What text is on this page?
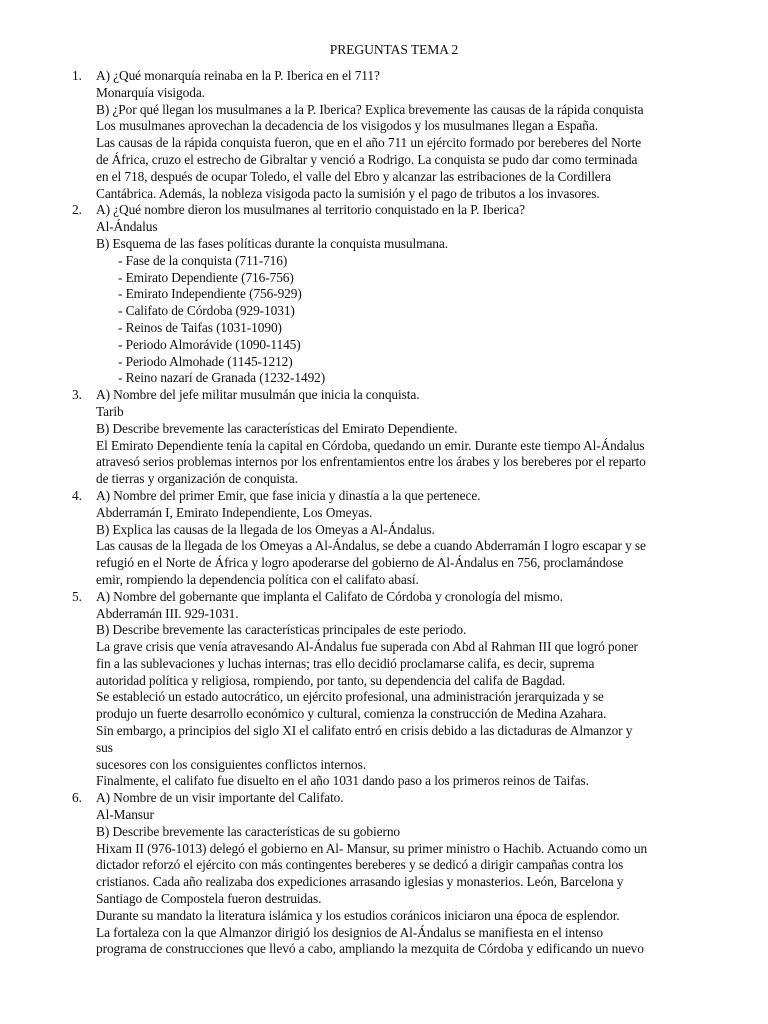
PREGUNTAS TEMA 2
1. A) ¿Qué monarquía reinaba en la P. Iberica en el 711?
Monarquía visigoda.
B) ¿Por qué llegan los musulmanes a la P. Iberica? Explica brevemente las causas de la rápida conquista
Los musulmanes aprovechan la decadencia de los visigodos y los musulmanes llegan a España.
Las causas de la rápida conquista fueron, que en el año 711 un ejército formado por bereberes del Norte
de África, cruzo el estrecho de Gibraltar y venció a Rodrigo. La conquista se pudo dar como terminada
en el 718, después de ocupar Toledo, el valle del Ebro y alcanzar las estribaciones de la Cordillera
Cantábrica. Además, la nobleza visigoda pacto la sumisión y el pago de tributos a los invasores.
2. A) ¿Qué nombre dieron los musulmanes al territorio conquistado en la P. Iberica?
Al-Ándalus
B) Esquema de las fases políticas durante la conquista musulmana.
- Fase de la conquista (711-716)
- Emirato Dependiente (716-756)
- Emirato Independiente (756-929)
- Califato de Córdoba (929-1031)
- Reinos de Taifas (1031-1090)
- Periodo Almorávide (1090-1145)
- Periodo Almohade (1145-1212)
- Reino nazarí de Granada (1232-1492)
3. A) Nombre del jefe militar musulmán que inicia la conquista.
Tarib
B) Describe brevemente las características del Emirato Dependiente.
El Emirato Dependiente tenía la capital en Córdoba, quedando un emir. Durante este tiempo Al-Ándalus
atravesó serios problemas internos por los enfrentamientos entre los árabes y los bereberes por el reparto
de tierras y organización de conquista.
4. A) Nombre del primer Emir, que fase inicia y dinastía a la que pertenece.
Abderramán I, Emirato Independiente, Los Omeyas.
B) Explica las causas de la llegada de los Omeyas a Al-Ándalus.
Las causas de la llegada de los Omeyas a Al-Ándalus, se debe a cuando Abderramán I logro escapar y se
refugió en el Norte de África y logro apoderarse del gobierno de Al-Ándalus en 756, proclamándose
emir, rompiendo la dependencia política con el califato abasí.
5. A) Nombre del gobernante que implanta el Califato de Córdoba y cronología del mismo.
Abderramán III. 929-1031.
B) Describe brevemente las características principales de este periodo.
La grave crisis que venía atravesando Al-Ándalus fue superada con Abd al Rahman III que logró poner
fin a las sublevaciones y luchas internas; tras ello decidió proclamarse califa, es decir, suprema
autoridad política y religiosa, rompiendo, por tanto, su dependencia del califa de Bagdad.
Se estableció un estado autocrático, un ejército profesional, una administración jerarquizada y se
produjo un fuerte desarrollo económico y cultural, comienza la construcción de Medina Azahara.
Sin embargo, a principios del siglo XI el califato entró en crisis debido a las dictaduras de Almanzor y
sus
sucesores con los consiguientes conflictos internos.
Finalmente, el califato fue disuelto en el año 1031 dando paso a los primeros reinos de Taifas.
6. A) Nombre de un visir importante del Califato.
Al-Mansur
B) Describe brevemente las características de su gobierno
Hixam II (976-1013) delegó el gobierno en Al- Mansur, su primer ministro o Hachib. Actuando como un
dictador reforzó el ejército con más contingentes bereberes y se dedicó a dirigir campañas contra los
cristianos. Cada año realizaba dos expediciones arrasando iglesias y monasterios. León, Barcelona y
Santiago de Compostela fueron destruidas.
Durante su mandato la literatura islámica y los estudios coránicos iniciaron una época de esplendor.
La fortaleza con la que Almanzor dirigió los designios de Al-Ándalus se manifiesta en el intenso
programa de construcciones que llevó a cabo, ampliando la mezquita de Córdoba y edificando un nuevo
